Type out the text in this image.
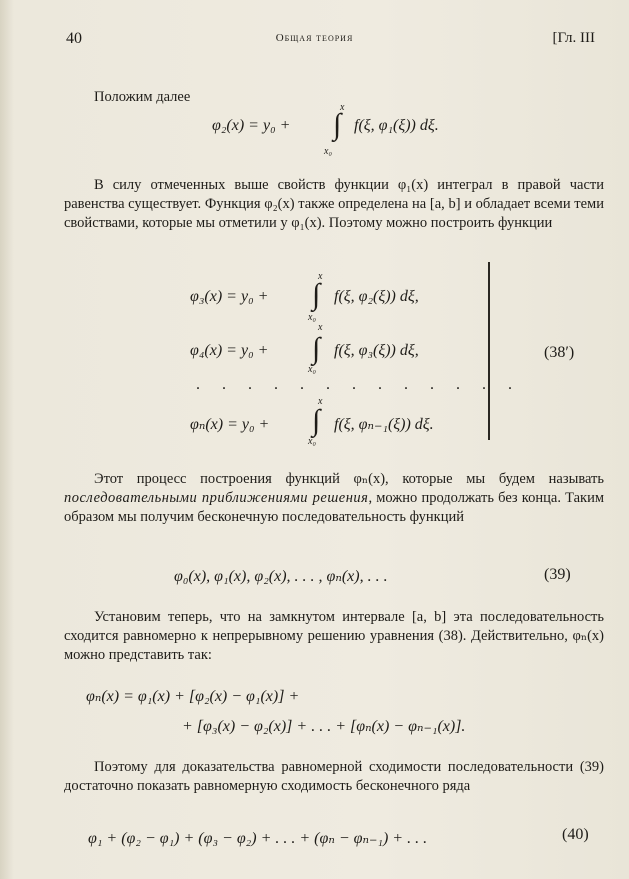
40	Общая теория	[Гл. III
Положим далее
φ₂(x) = y₀ +
x
∫
x₀
f(ξ, φ₁(ξ)) dξ.
В силу отмеченных выше свойств функции φ₁(x) интеграл в правой части равенства существует. Функция φ₂(x) также определена на [a, b] и обладает всеми теми свойствами, которые мы отметили у φ₁(x). Поэтому можно построить функции
x
φ₃(x) = y₀ + ∫ f(ξ, φ₂(ξ)) dξ,
x₀
x
φ₄(x) = y₀ + ∫ f(ξ, φ₃(ξ)) dξ,
x₀
. . . . . . . . . . . . .
x
φₙ(x) = y₀ + ∫ f(ξ, φₙ₋₁(ξ)) dξ.
x₀
(38′)
Этот процесс построения функций φₙ(x), которые мы будем называть последовательными приближениями решения, можно продолжать без конца. Таким образом мы получим бесконечную последовательность функций
φ₀(x), φ₁(x), φ₂(x), . . . , φₙ(x), . . .	(39)
Установим теперь, что на замкнутом интервале [a, b] эта последовательность сходится равномерно к непрерывному решению уравнения (38). Действительно, φₙ(x) можно представить так:
φₙ(x) = φ₁(x) + [φ₂(x) − φ₁(x)] +
+ [φ₃(x) − φ₂(x)] + . . . + [φₙ(x) − φₙ₋₁(x)].
Поэтому для доказательства равномерной сходимости последовательности (39) достаточно показать равномерную сходимость бесконечного ряда
φ₁ + (φ₂ − φ₁) + (φ₃ − φ₂) + . . . + (φₙ − φₙ₋₁) + . . .	(40)
